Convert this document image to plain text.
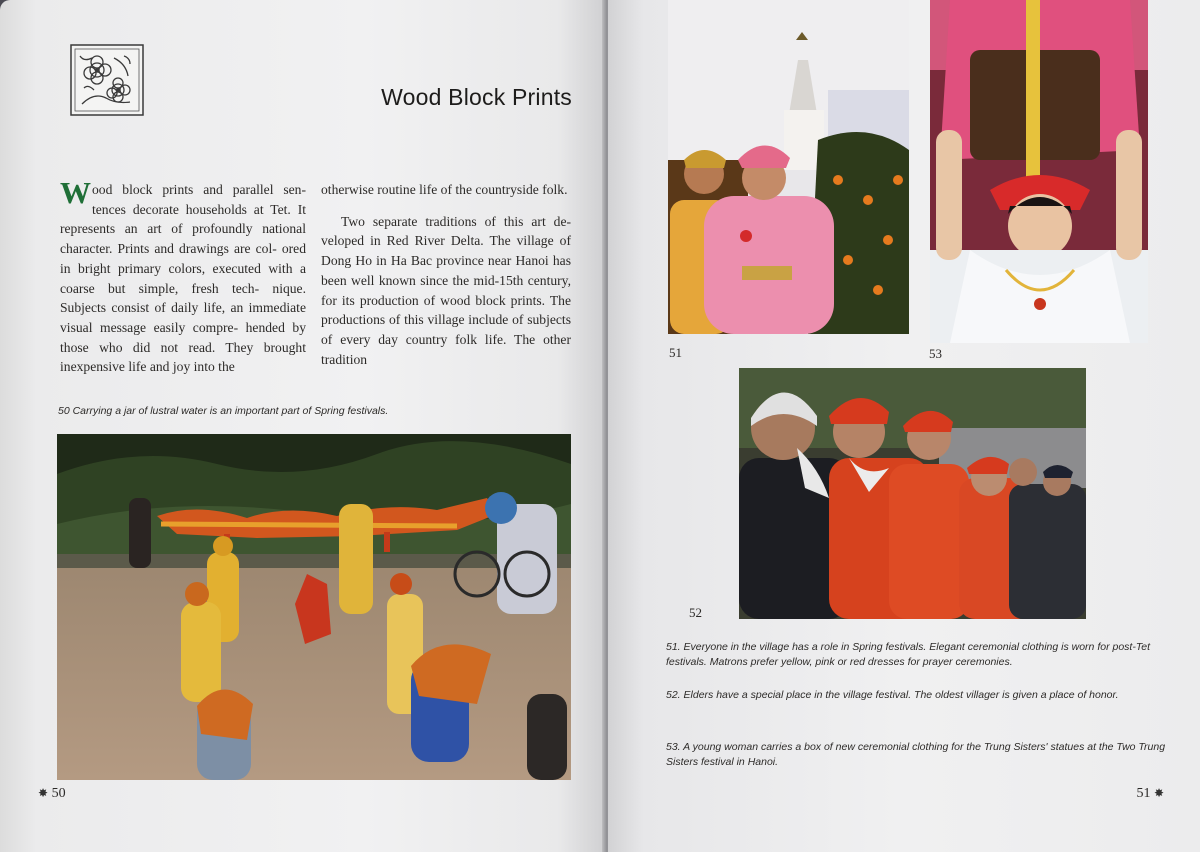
Wood Block Prints

Wood block prints and parallel sen- tences decorate households at Tet. It represents an art of profoundly national character. Prints and drawings are col- ored in bright primary colors, executed with a coarse but simple, fresh tech- nique. Subjects consist of daily life, an immediate visual message easily compre- hended by those who did not read. They brought inexpensive life and joy into the

otherwise routine life of the countryside folk.

Two separate traditions of this art de- veloped in Red River Delta. The village of Dong Ho in Ha Bac province near Hanoi has been well known since the mid-15th century, for its production of wood block prints. The productions of this village include of subjects of every day country folk life. The other tradition

50 Carrying a jar of lustral water is an important part of Spring festivals.
✸ 50
51	53
52
51. Everyone in the village has a role in Spring festivals. Elegant ceremonial clothing is worn for post-Tet festivals. Matrons prefer yellow, pink or red dresses for prayer ceremonies.
52. Elders have a special place in the village festival. The oldest villager is given a place of honor.
53. A young woman carries a box of new ceremonial clothing for the Trung Sisters' statues at the Two Trung Sisters festival in Hanoi.
51 ✸
